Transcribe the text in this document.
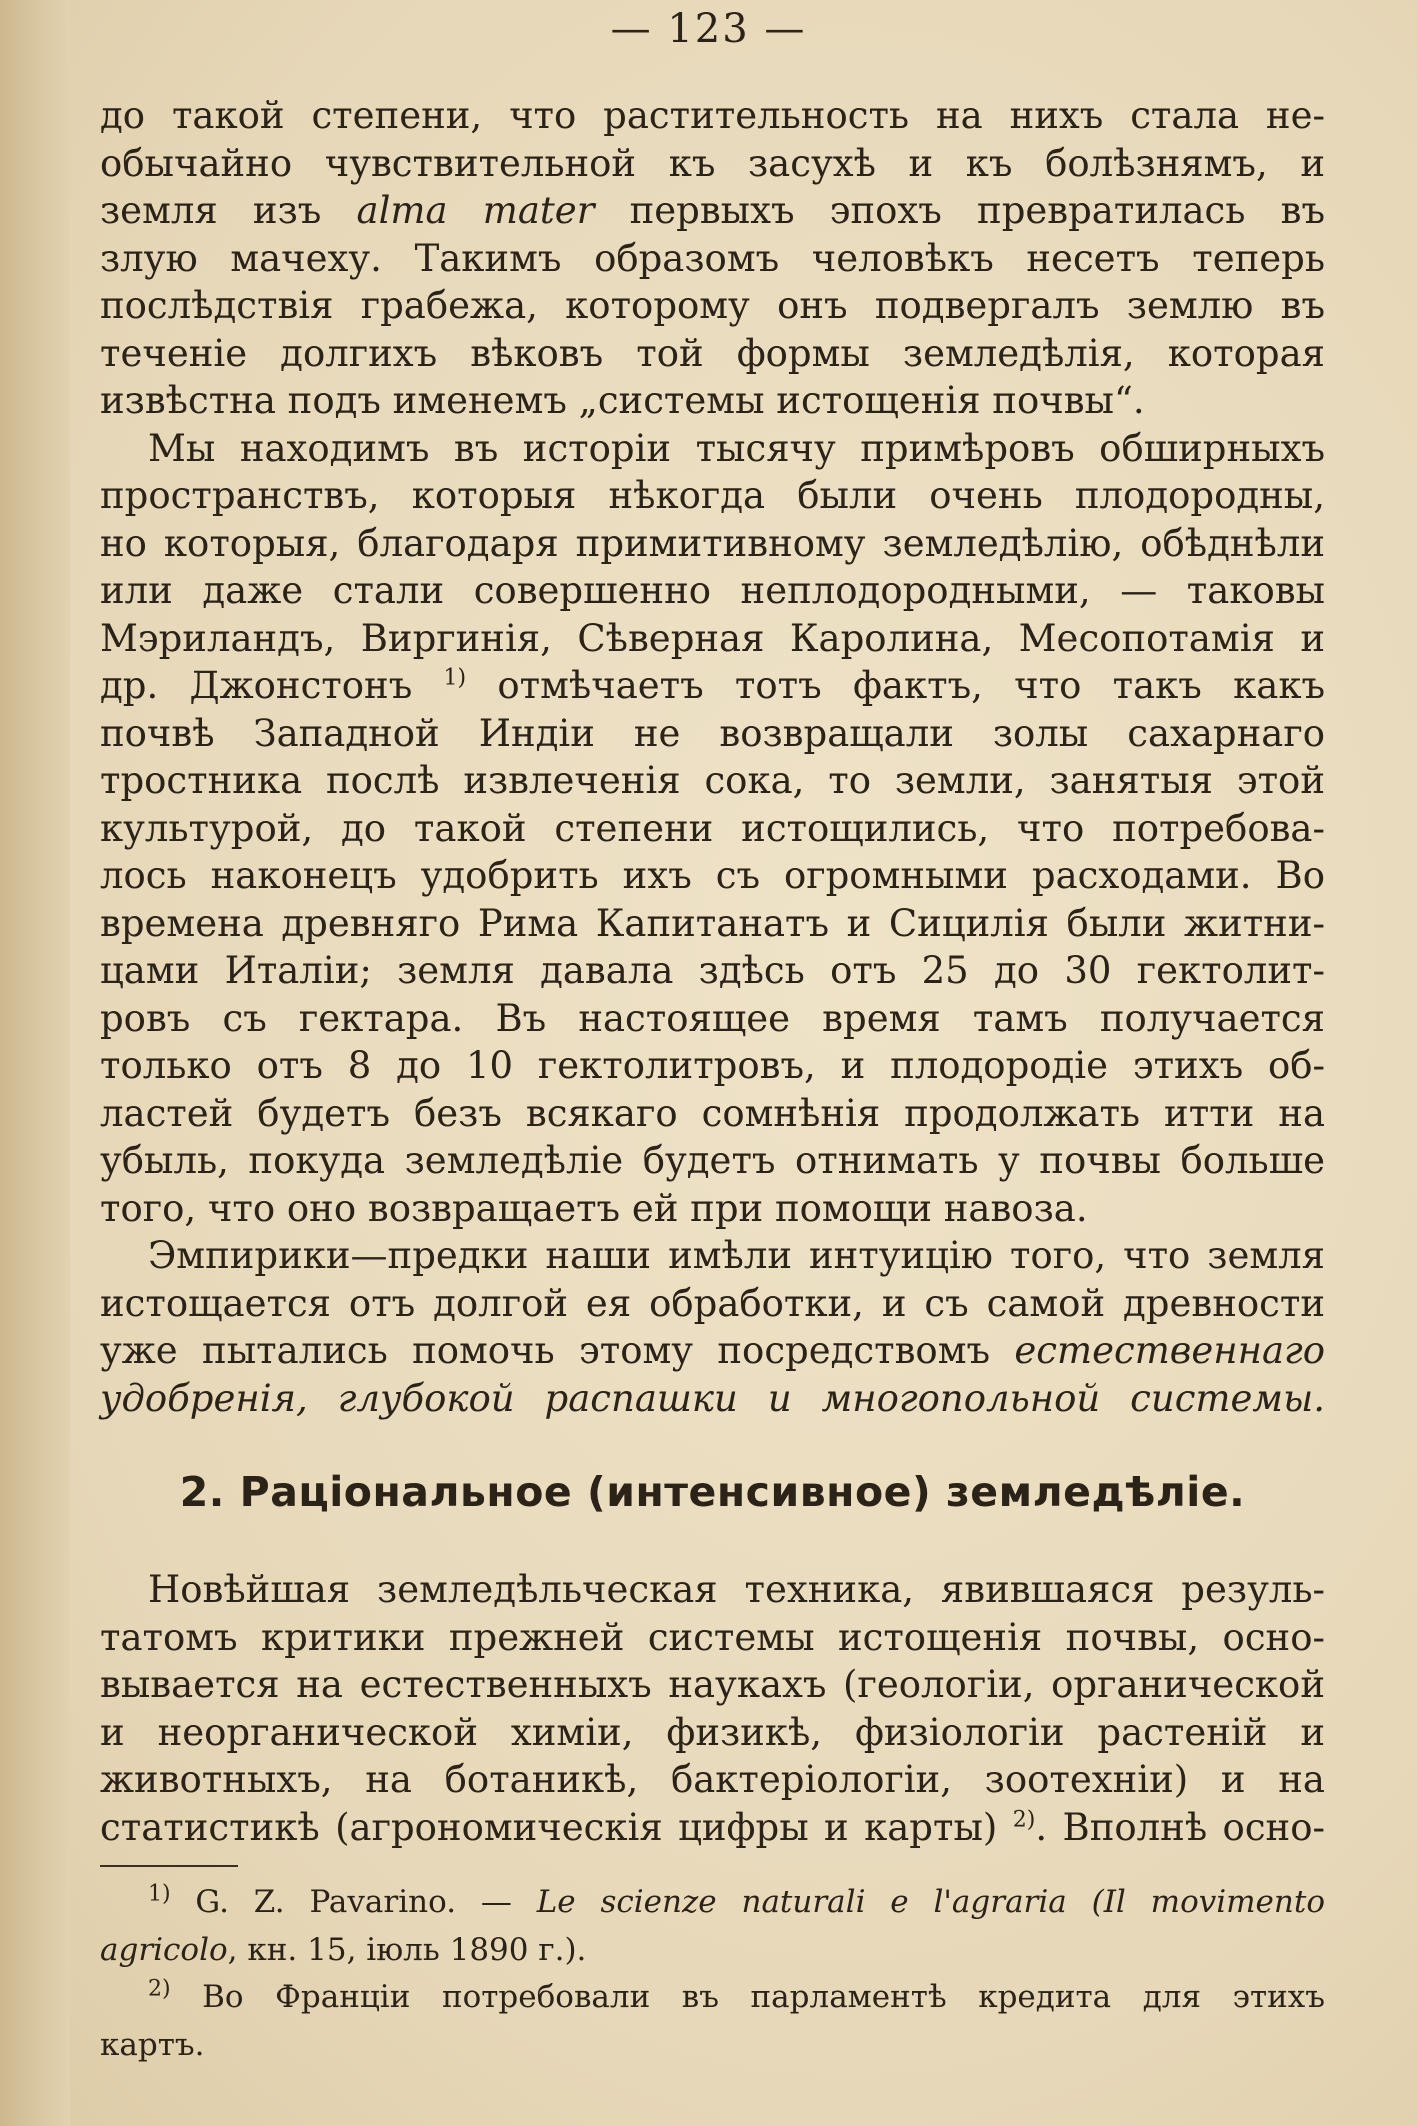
— 123 —
до такой степени, что растительность на нихъ стала не-
обычайно чувствительной къ засухѣ и къ болѣзнямъ, и
земля изъ alma mater первыхъ эпохъ превратилась въ
злую мачеху. Такимъ образомъ человѣкъ несетъ теперь
послѣдствія грабежа, которому онъ подвергалъ землю въ
теченіе долгихъ вѣковъ той формы земледѣлія, которая
извѣстна подъ именемъ „системы истощенія почвы“.
Мы находимъ въ исторіи тысячу примѣровъ обширныхъ
пространствъ, которыя нѣкогда были очень плодородны,
но которыя, благодаря примитивному земледѣлію, обѣднѣли
или даже стали совершенно неплодородными, — таковы
Мэриландъ, Виргинія, Сѣверная Каролина, Месопотамія и
др. Джонстонъ $^{1)}$ отмѣчаетъ тотъ фактъ, что такъ какъ
почвѣ Западной Индіи не возвращали золы сахарнаго
тростника послѣ извлеченія сока, то земли, занятыя этой
культурой, до такой степени истощились, что потребова-
лось наконецъ удобрить ихъ съ огромными расходами. Во
времена древняго Рима Капитанатъ и Сицилія были житни-
цами Италіи; земля давала здѣсь отъ 25 до 30 гектолит-
ровъ съ гектара. Въ настоящее время тамъ получается
только отъ 8 до 10 гектолитровъ, и плодородіе этихъ об-
ластей будетъ безъ всякаго сомнѣнія продолжать итти на
убыль, покуда земледѣліе будетъ отнимать у почвы больше
того, что оно возвращаетъ ей при помощи навоза.
Эмпирики—предки наши имѣли интуицію того, что земля
истощается отъ долгой ея обработки, и съ самой древности
уже пытались помочь этому посредствомъ естественнаго
удобренія, глубокой распашки и многопольной системы.
2. Раціональное (интенсивное) земледѣліе.
Новѣйшая земледѣльческая техника, явившаяся резуль-
татомъ критики прежней системы истощенія почвы, осно-
вывается на естественныхъ наукахъ (геологіи, органической
и неорганической химіи, физикѣ, физіологіи растеній и
животныхъ, на ботаникѣ, бактеріологіи, зоотехніи) и на
статистикѣ (агрономическія цифры и карты) $^{2)}$. Вполнѣ осно-
$^{1)}$ G. Z. Pavarino. — Le scienze naturali e l'agraria (Il movimento
agricolo, кн. 15, іюль 1890 г.).
$^{2)}$ Во Франціи потребовали въ парламентѣ кредита для этихъ
картъ.
